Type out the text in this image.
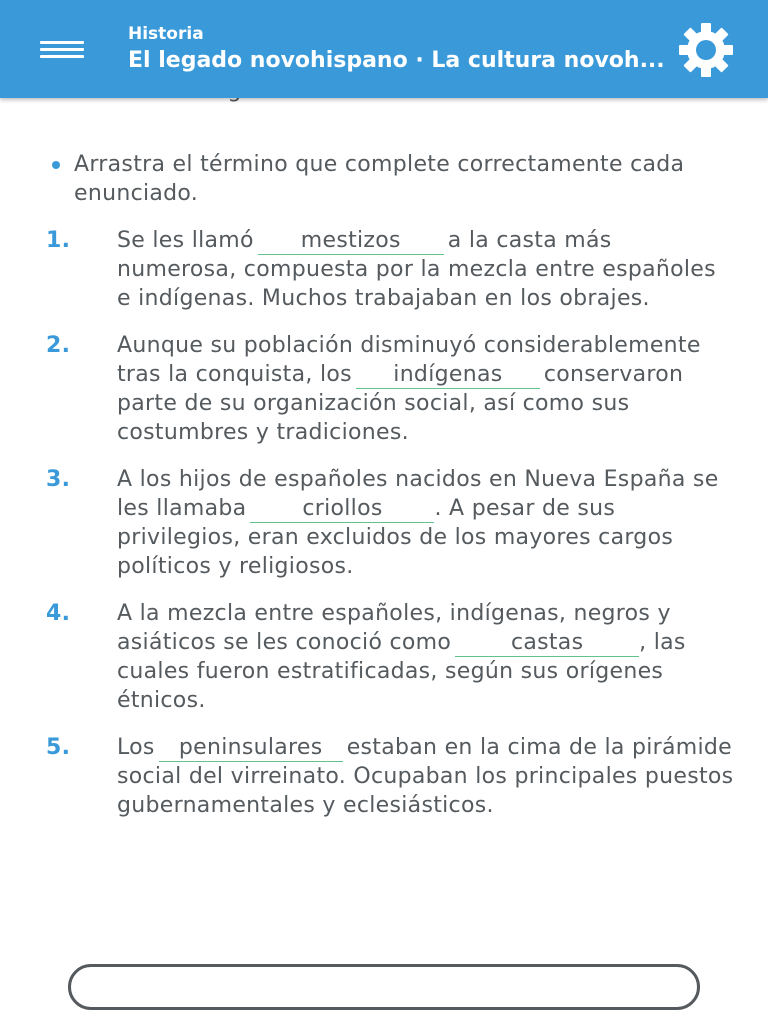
Arrastra el término que complete correctamente cada enunciado.
1. Se les llamó mestizos a la casta más numerosa, compuesta por la mezcla entre españoles e indígenas. Muchos trabajaban en los obrajes.
2. Aunque su población disminuyó considerablemente tras la conquista, los indígenas conservaron parte de su organización social, así como sus costumbres y tradiciones.
3. A los hijos de españoles nacidos en Nueva España se les llamaba	criollos . A pesar de sus privilegios, eran excluidos de los mayores cargos políticos y religiosos.
4. A la mezcla entre españoles, indígenas, negros y asiáticos se les conoció como	castas	, las cuales fueron estratificadas, según sus orígenes étnicos.
5. Los peninsulares estaban en la cima de la pirámide social del virreinato. Ocupaban los principales puestos gubernamentales y eclesiásticos.
Historia
El legado novohispano · La cultura novoh...
